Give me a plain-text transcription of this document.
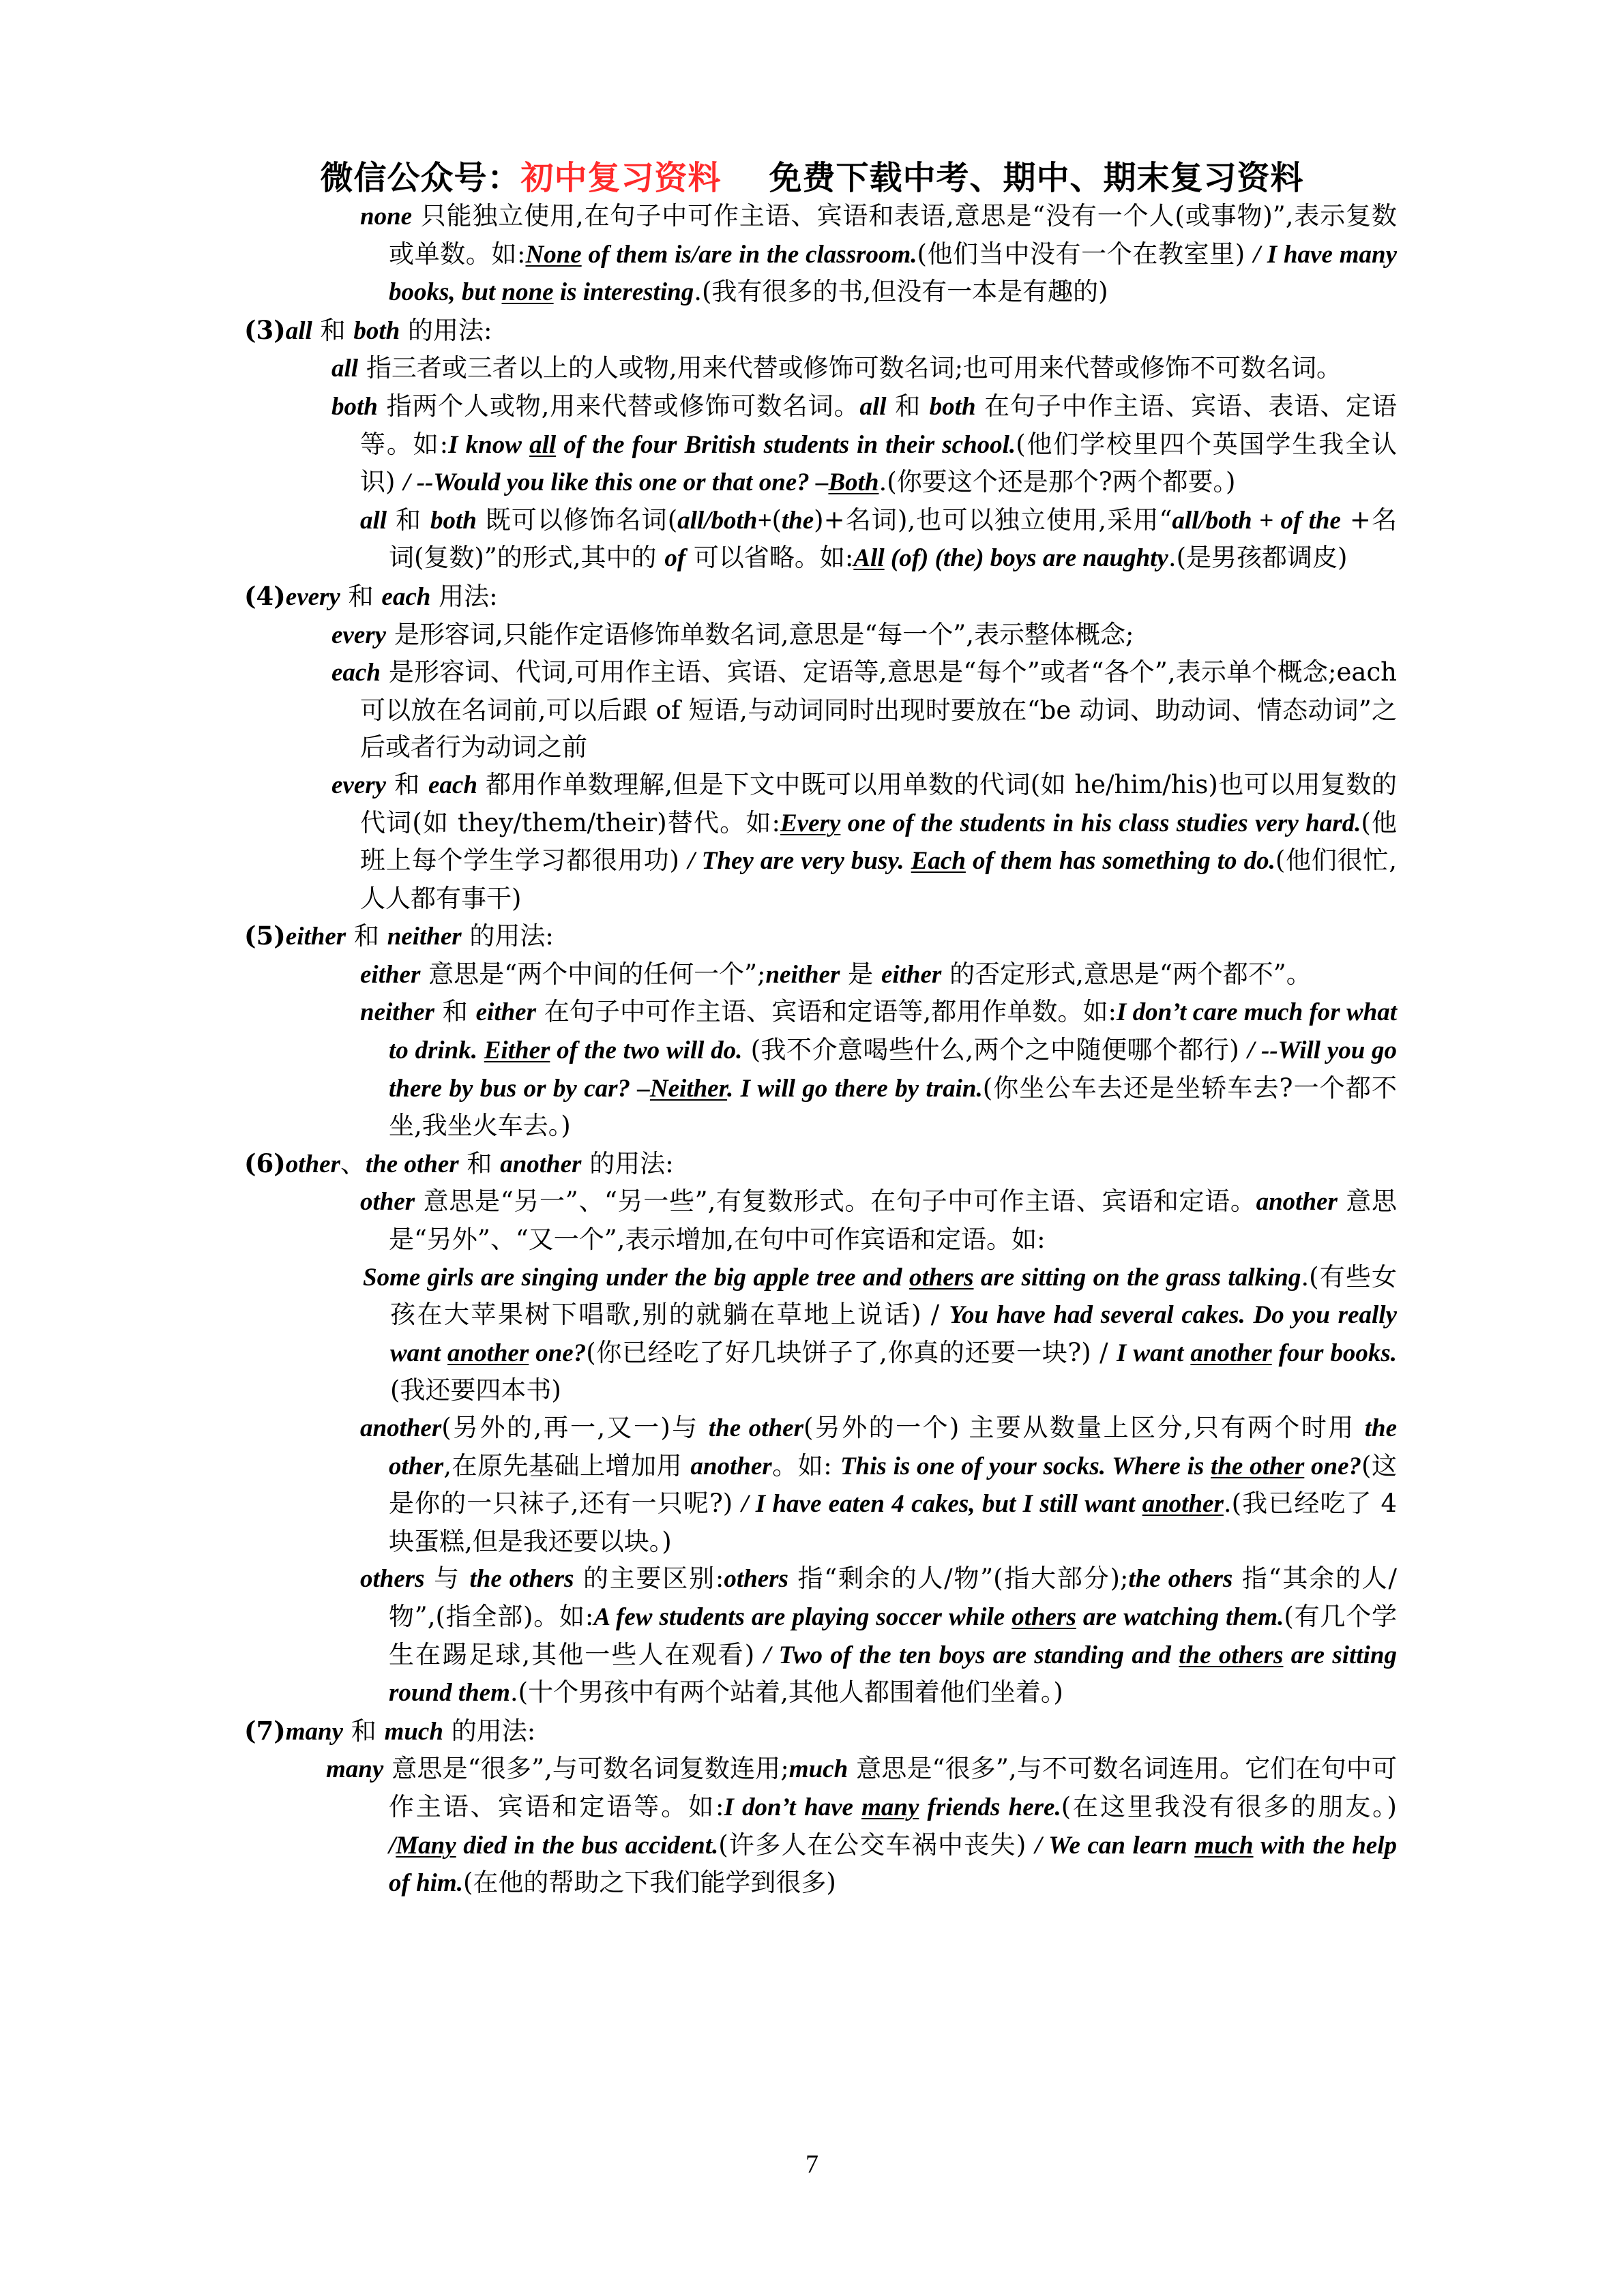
微信公众号：初中复习资料 免费下载中考、期中、期末复习资料

none 只能独立使用,在句子中可作主语、宾语和表语,意思是“没有一个人(或事物)”,表示复数或单数。如:None of them is/are in the classroom.(他们当中没有一个在教室里) / I have many books, but none is interesting.(我有很多的书,但没有一本是有趣的)

(3)all 和 both 的用法:

all 指三者或三者以上的人或物,用来代替或修饰可数名词;也可用来代替或修饰不可数名词。

both 指两个人或物,用来代替或修饰可数名词。all 和 both 在句子中作主语、宾语、表语、定语等。如:I know all of the four British students in their school.(他们学校里四个英国学生我全认识) / --Would you like this one or that one? –Both.(你要这个还是那个?两个都要。)

all 和 both 既可以修饰名词(all/both+(the)+名词),也可以独立使用,采用“all/both + of the +名词(复数)”的形式,其中的 of 可以省略。如:All (of) (the) boys are naughty.(是男孩都调皮)

(4)every 和 each 用法:

every 是形容词,只能作定语修饰单数名词,意思是“每一个”,表示整体概念;

each 是形容词、代词,可用作主语、宾语、定语等,意思是“每个”或者“各个”,表示单个概念;each 可以放在名词前,可以后跟 of 短语,与动词同时出现时要放在“be 动词、助动词、情态动词”之后或者行为动词之前

every 和 each 都用作单数理解,但是下文中既可以用单数的代词(如 he/him/his)也可以用复数的代词(如 they/them/their)替代。如:Every one of the students in his class studies very hard.(他班上每个学生学习都很用功) / They are very busy. Each of them has something to do.(他们很忙,人人都有事干)

(5)either 和 neither 的用法:

either 意思是“两个中间的任何一个”;neither 是 either 的否定形式,意思是“两个都不”。

neither 和 either 在句子中可作主语、宾语和定语等,都用作单数。如:I don’t care much for what to drink. Either of the two will do. (我不介意喝些什么,两个之中随便哪个都行) / --Will you go there by bus or by car? –Neither. I will go there by train.(你坐公车去还是坐轿车去?一个都不坐,我坐火车去。)

(6)other、the other 和 another 的用法:

other 意思是“另一”、“另一些”,有复数形式。在句子中可作主语、宾语和定语。another 意思是“另外”、“又一个”,表示增加,在句中可作宾语和定语。如:

Some girls are singing under the big apple tree and others are sitting on the grass talking.(有些女孩在大苹果树下唱歌,别的就躺在草地上说话) / You have had several cakes. Do you really want another one?(你已经吃了好几块饼子了,你真的还要一块?) / I want another four books.(我还要四本书)

another(另外的,再一,又一)与 the other(另外的一个) 主要从数量上区分,只有两个时用 the other,在原先基础上增加用 another。如: This is one of your socks. Where is the other one?(这是你的一只袜子,还有一只呢?) / I have eaten 4 cakes, but I still want another.(我已经吃了 4 块蛋糕,但是我还要以块。)

others 与 the others 的主要区别:others 指“剩余的人/物”(指大部分);the others 指“其余的人/物”,(指全部)。如:A few students are playing soccer while others are watching them.(有几个学生在踢足球,其他一些人在观看) / Two of the ten boys are standing and the others are sitting round them.(十个男孩中有两个站着,其他人都围着他们坐着。)

(7)many 和 much 的用法:

many 意思是“很多”,与可数名词复数连用;much 意思是“很多”,与不可数名词连用。它们在句中可作主语、宾语和定语等。如:I don’t have many friends here.(在这里我没有很多的朋友。) /Many died in the bus accident.(许多人在公交车祸中丧失) / We can learn much with the help of him.(在他的帮助之下我们能学到很多)

7
